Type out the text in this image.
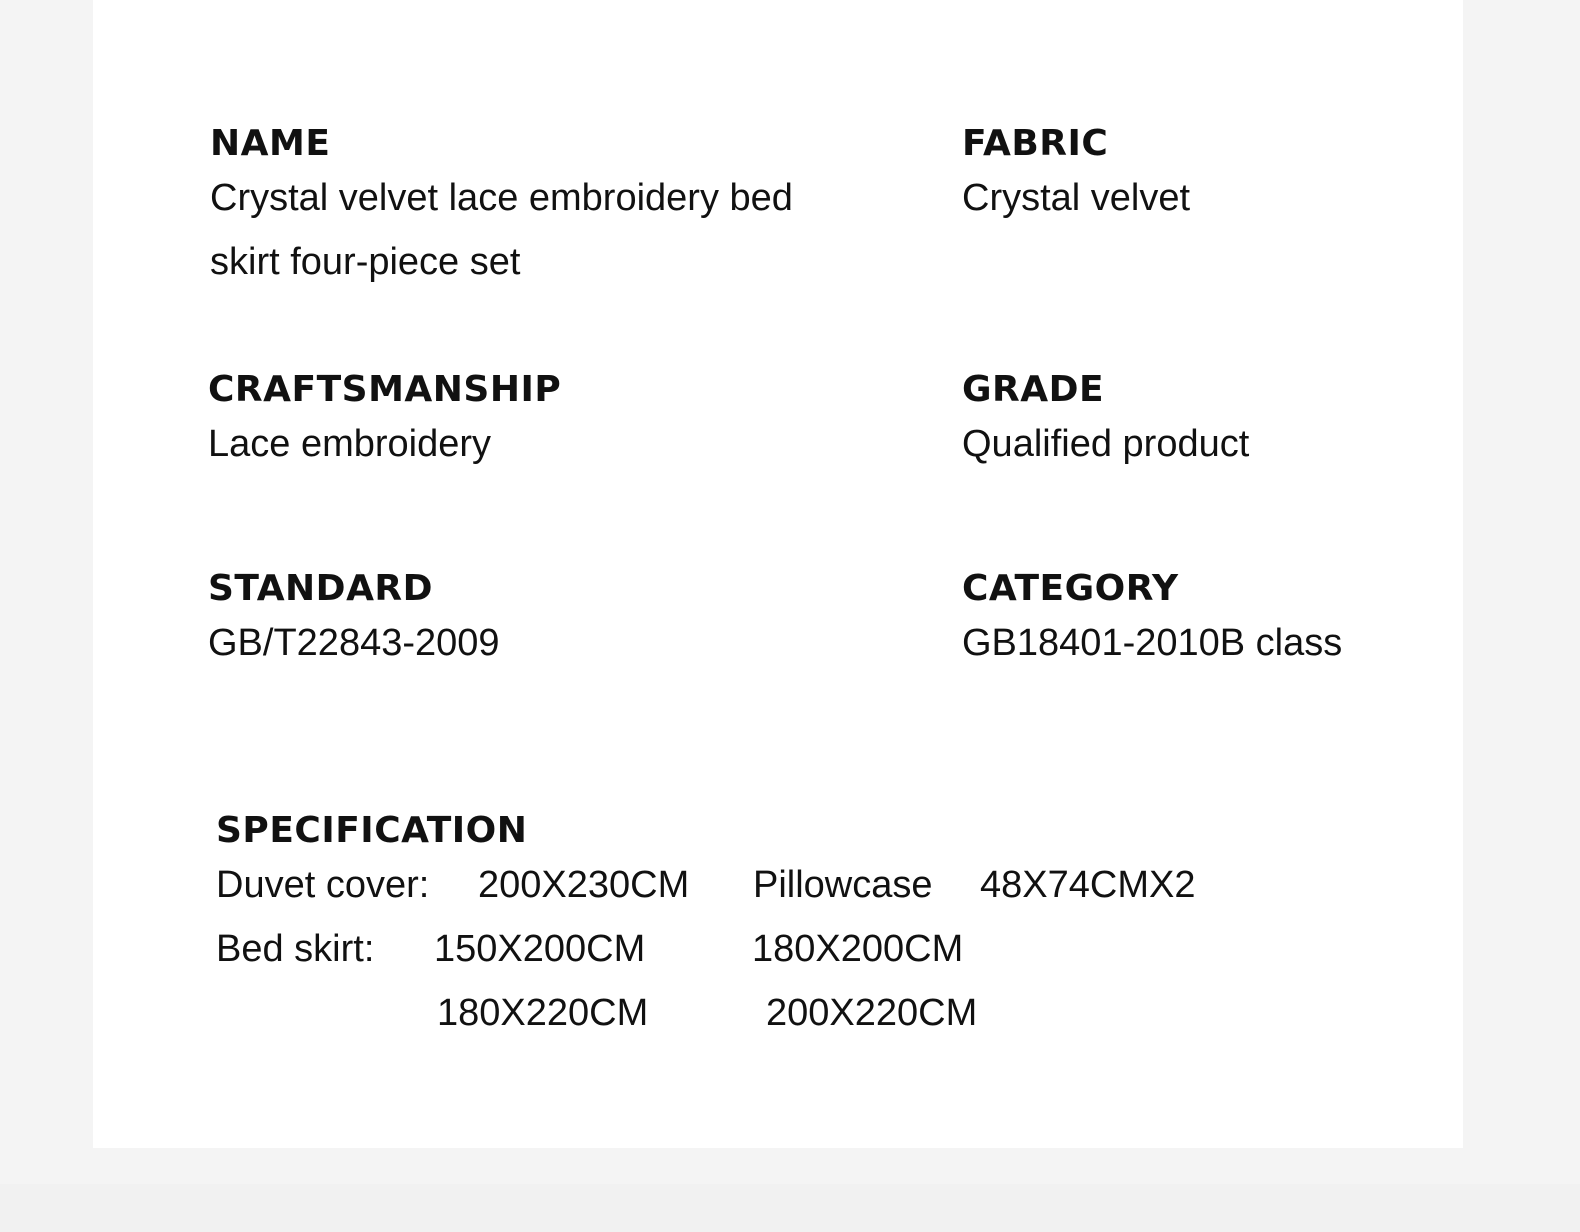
NAME

Crystal velvet lace embroidery bed

skirt four-piece set

FABRIC

Crystal velvet

CRAFTSMANSHIP

Lace embroidery

GRADE

Qualified product

STANDARD

GB/T22843-2009

CATEGORY

GB18401-2010B class

SPECIFICATION

Duvet cover: 200X230CM Pillowcase 48X74CMX2
Bed skirt: 150X200CM	180X200CM
180X220CM	200X220CM
